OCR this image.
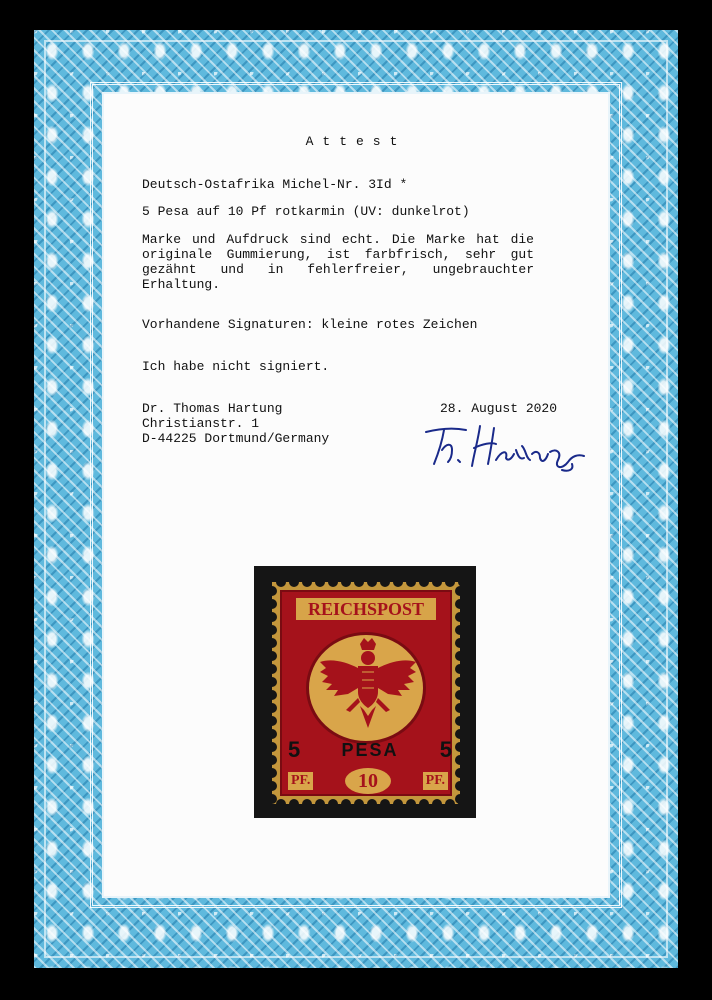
Attest
Deutsch-Ostafrika Michel-Nr. 3Id *
5 Pesa auf 10 Pf rotkarmin (UV: dunkelrot)
Marke und Aufdruck sind echt. Die Marke hat die originale Gummierung, ist farbfrisch, sehr gut gezähnt und in fehlerfreier, ungebrauchter Erhaltung.
Vorhandene Signaturen: kleine rotes Zeichen
Ich habe nicht signiert.
Dr. Thomas Hartung
Christianstr. 1
D-44225 Dortmund/Germany
28. August 2020
REICHSPOST
5 PESA 5
PF.	10	PF.
